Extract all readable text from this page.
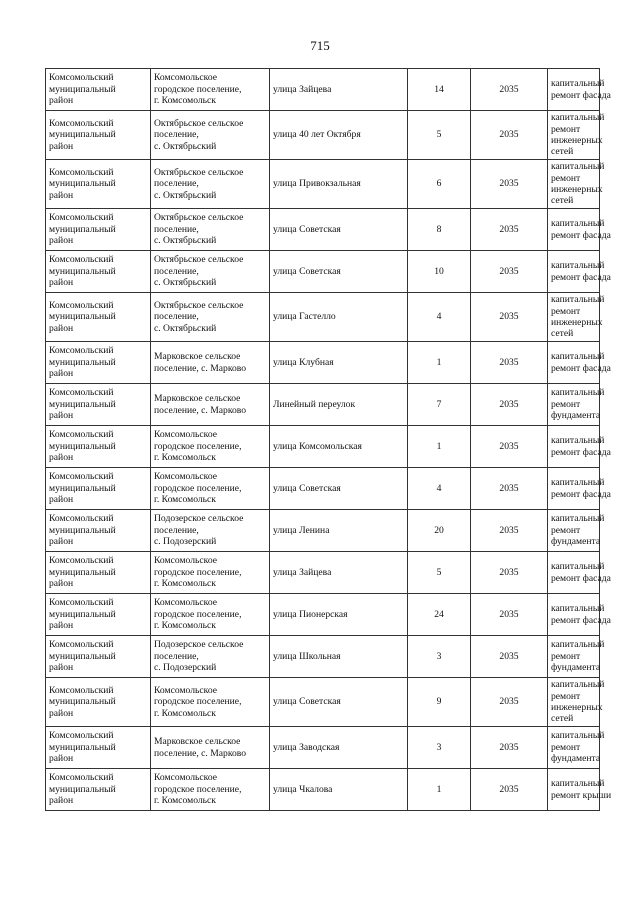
715
Комсомольский
муниципальный
район	Комсомольское
городское поселение,
г. Комсомольск	улица Зайцева	14	2035	капитальный
ремонт фасада

Комсомольский
муниципальный
район	Октябрьское сельское
поселение,
с. Октябрьский	улица 40 лет Октября	5	2035	капитальный
ремонт
инженерных
сетей

Комсомольский
муниципальный
район	Октябрьское сельское
поселение,
с. Октябрьский	улица Привокзальная	6	2035	капитальный
ремонт
инженерных
сетей

Комсомольский
муниципальный
район	Октябрьское сельское
поселение,
с. Октябрьский	улица Советская	8	2035	капитальный
ремонт фасада

Комсомольский
муниципальный
район	Октябрьское сельское
поселение,
с. Октябрьский	улица Советская	10	2035	капитальный
ремонт фасада

Комсомольский
муниципальный
район	Октябрьское сельское
поселение,
с. Октябрьский	улица Гастелло	4	2035	капитальный
ремонт
инженерных
сетей

Комсомольский
муниципальный
район	Марковское сельское
поселение, с. Марково	улица Клубная	1	2035	капитальный
ремонт фасада

Комсомольский
муниципальный
район	Марковское сельское
поселение, с. Марково	Линейный переулок	7	2035	капитальный
ремонт
фундамента

Комсомольский
муниципальный
район	Комсомольское
городское поселение,
г. Комсомольск	улица Комсомольская	1	2035	капитальный
ремонт фасада

Комсомольский
муниципальный
район	Комсомольское
городское поселение,
г. Комсомольск	улица Советская	4	2035	капитальный
ремонт фасада

Комсомольский
муниципальный
район	Подозерское сельское
поселение,
с. Подозерский	улица Ленина	20	2035	капитальный
ремонт
фундамента

Комсомольский
муниципальный
район	Комсомольское
городское поселение,
г. Комсомольск	улица Зайцева	5	2035	капитальный
ремонт фасада

Комсомольский
муниципальный
район	Комсомольское
городское поселение,
г. Комсомольск	улица Пионерская	24	2035	капитальный
ремонт фасада

Комсомольский
муниципальный
район	Подозерское сельское
поселение,
с. Подозерский	улица Школьная	3	2035	капитальный
ремонт
фундамента

Комсомольский
муниципальный
район	Комсомольское
городское поселение,
г. Комсомольск	улица Советская	9	2035	капитальный
ремонт
инженерных
сетей

Комсомольский
муниципальный
район	Марковское сельское
поселение, с. Марково	улица Заводская	3	2035	капитальный
ремонт
фундамента

Комсомольский
муниципальный
район	Комсомольское
городское поселение,
г. Комсомольск	улица Чкалова	1	2035	капитальный
ремонт крыши
